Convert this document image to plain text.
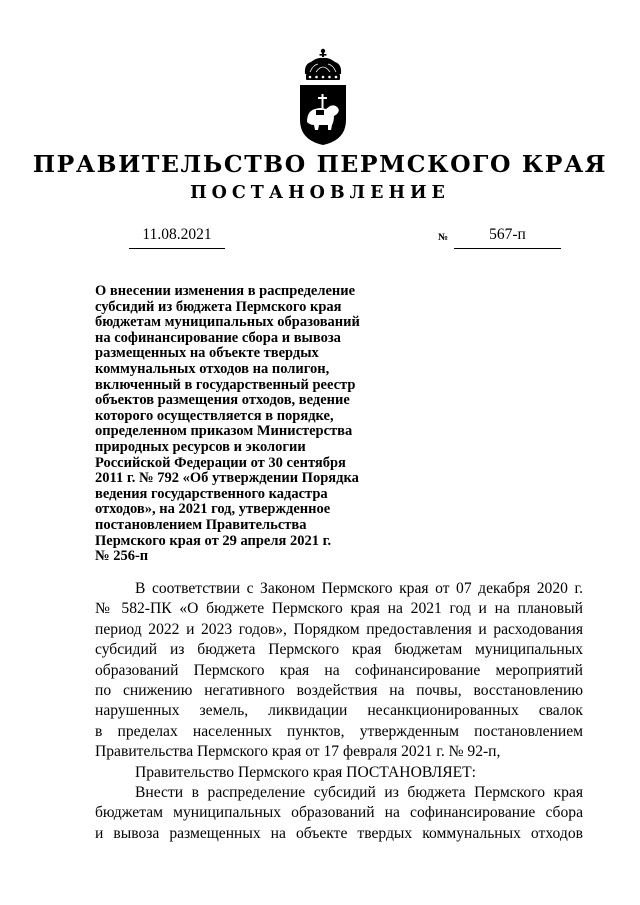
ПРАВИТЕЛЬСТВО ПЕРМСКОГО КРАЯ
ПОСТАНОВЛЕНИЕ
11.08.2021	№	567-п
О внесении изменения в распределение
субсидий из бюджета Пермского края
бюджетам муниципальных образований
на софинансирование сбора и вывоза
размещенных на объекте твердых
коммунальных отходов на полигон,
включенный в государственный реестр
объектов размещения отходов, ведение
которого осуществляется в порядке,
определенном приказом Министерства
природных ресурсов и экологии
Российской Федерации от 30 сентября
2011 г. № 792 «Об утверждении Порядка
ведения государственного кадастра
отходов», на 2021 год, утвержденное
постановлением Правительства
Пермского края от 29 апреля 2021 г.
№ 256-п
В соответствии с Законом Пермского края от 07 декабря 2020 г.
№ 582-ПК «О бюджете Пермского края на 2021 год и на плановый
период 2022 и 2023 годов», Порядком предоставления и расходования
субсидий из бюджета Пермского края бюджетам муниципальных
образований Пермского края на софинансирование мероприятий
по снижению негативного воздействия на почвы, восстановлению
нарушенных земель, ликвидации несанкционированных свалок
в пределах населенных пунктов, утвержденным постановлением
Правительства Пермского края от 17 февраля 2021 г. № 92-п,
Правительство Пермского края ПОСТАНОВЛЯЕТ:
Внести в распределение субсидий из бюджета Пермского края
бюджетам муниципальных образований на софинансирование сбора
и вывоза размещенных на объекте твердых коммунальных отходов
